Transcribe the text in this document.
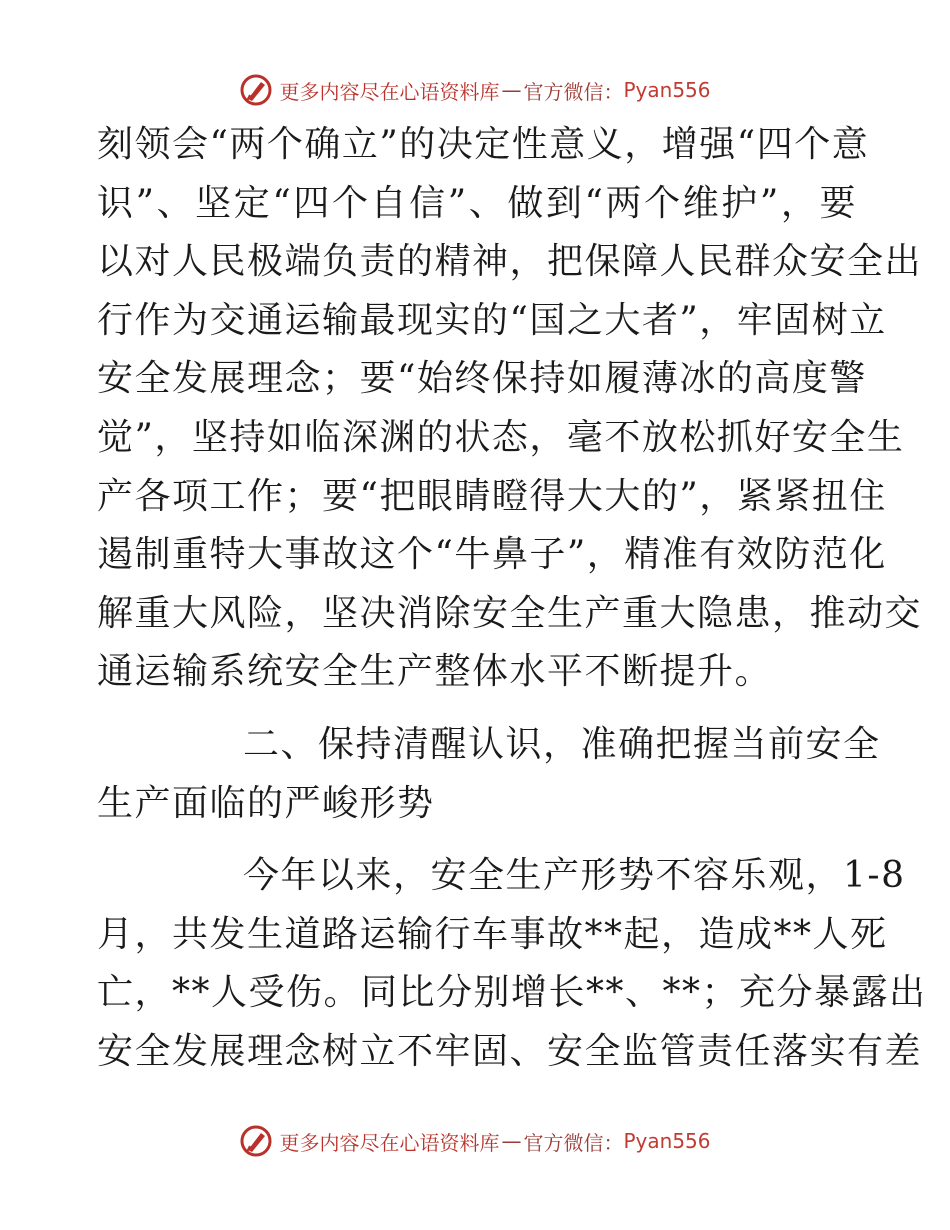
更多内容尽在心语资料库 — 官方微信： Pyan556
刻领会“两个确立”的决定性意义，增强“四个意
识”、坚定“四个自信”、做到“两个维护”，要
以对人民极端负责的精神，把保障人民群众安全出
行作为交通运输最现实的“国之大者”，牢固树立
安全发展理念；要“始终保持如履薄冰的高度警
觉”，坚持如临深渊的状态，毫不放松抓好安全生
产各项工作；要“把眼睛瞪得大大的”，紧紧扭住
遏制重特大事故这个“牛鼻子”，精准有效防范化
解重大风险，坚决消除安全生产重大隐患，推动交
通运输系统安全生产整体水平不断提升。
二、保持清醒认识，准确把握当前安全
生产面临的严峻形势
今年以来，安全生产形势不容乐观，1-8
月，共发生道路运输行车事故**起，造成**人死
亡，**人受伤。同比分别增长**、**；充分暴露出
安全发展理念树立不牢固、安全监管责任落实有差
更多内容尽在心语资料库 — 官方微信： Pyan556
